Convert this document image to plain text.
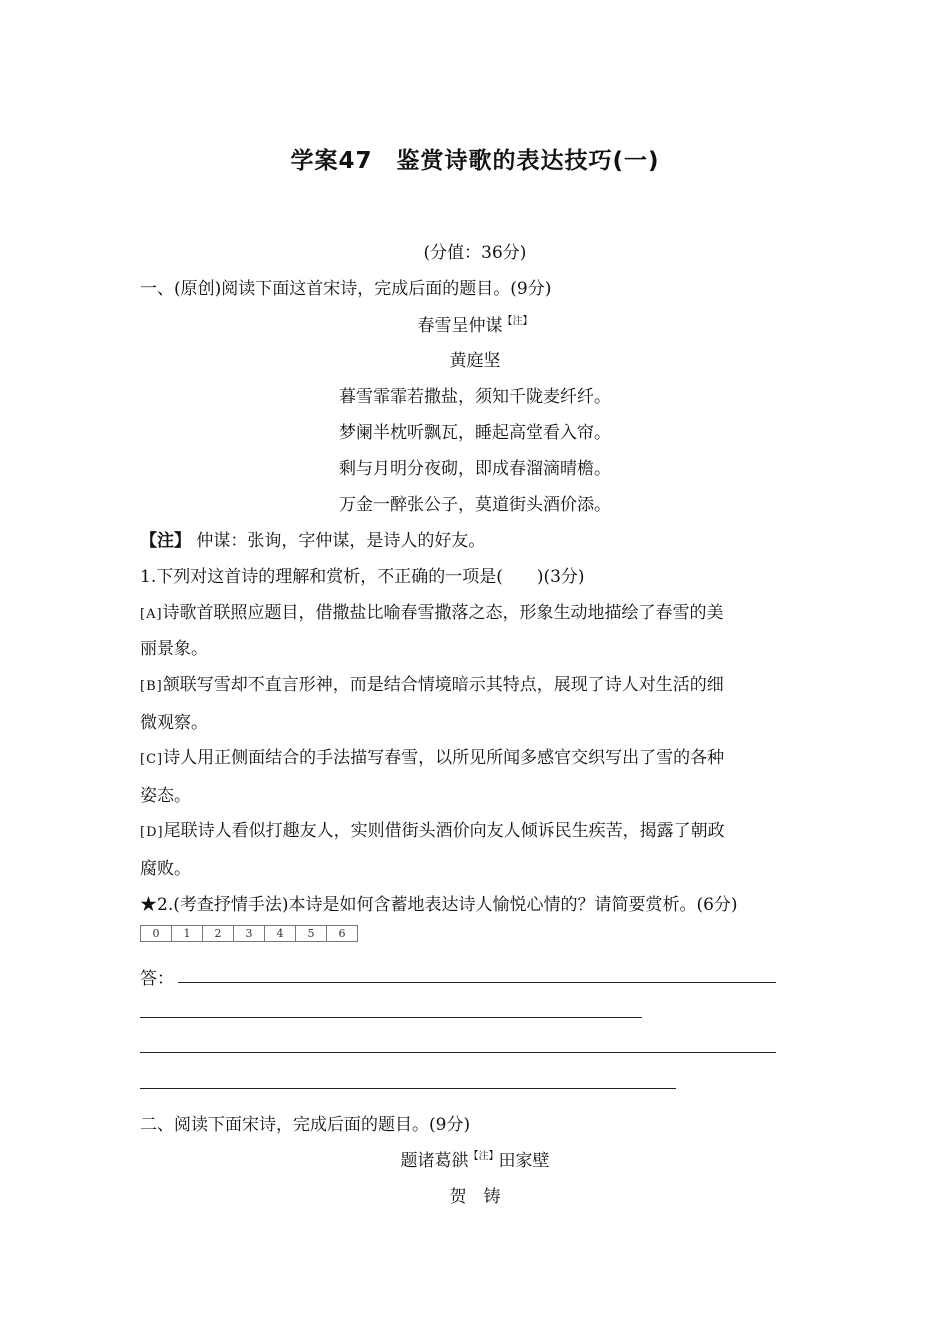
学案47　鉴赏诗歌的表达技巧(一)
(分值：36分)
一、(原创)阅读下面这首宋诗，完成后面的题目。(9分)
春雪呈仲谋$^{【注】}$
黄庭坚
暮雪霏霏若撒盐，须知千陇麦纤纤。
梦阑半枕听飘瓦，睡起高堂看入帘。
剩与月明分夜砌，即成春溜滴晴檐。
万金一醉张公子，莫道街头酒价添。
【注】 仲谋：张询，字仲谋，是诗人的好友。
1.下列对这首诗的理解和赏析，不正确的一项是(　　)(3分)
[A]诗歌首联照应题目，借撒盐比喻春雪撒落之态，形象生动地描绘了春雪的美
丽景象。
[B]颔联写雪却不直言形神，而是结合情境暗示其特点，展现了诗人对生活的细
微观察。
[C]诗人用正侧面结合的手法描写春雪，以所见所闻多感官交织写出了雪的各种
姿态。
[D]尾联诗人看似打趣友人，实则借街头酒价向友人倾诉民生疾苦，揭露了朝政
腐败。
★2.(考查抒情手法)本诗是如何含蓄地表达诗人愉悦心情的？请简要赏析。(6分)
0	1	2	3	4	5	6
答：
二、阅读下面宋诗，完成后面的题目。(9分)
题诸葛谼$^{【注】}$田家壁
贺　铸
